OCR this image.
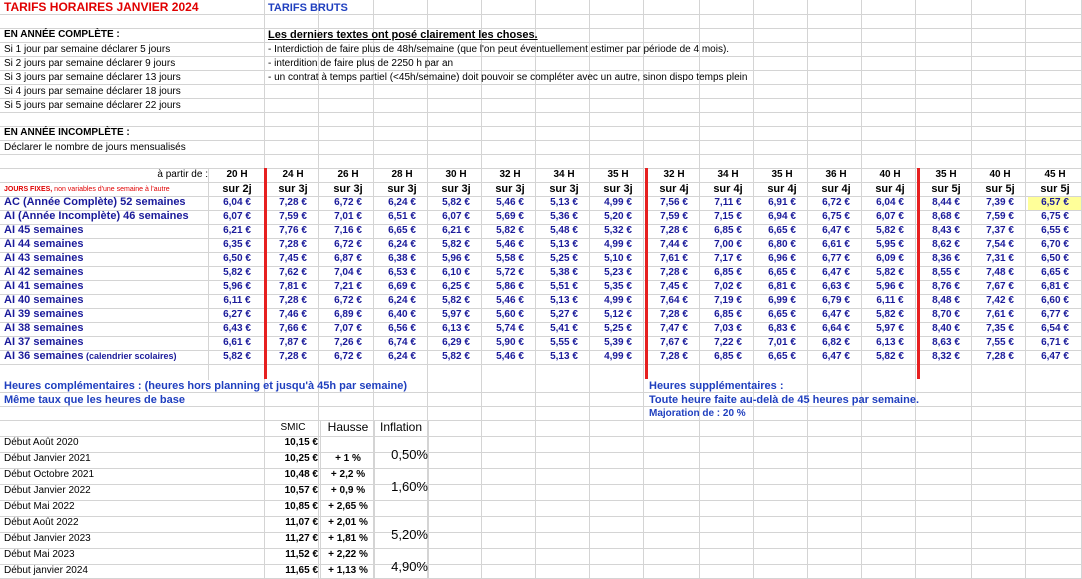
TARIFS HORAIRES JANVIER 2024	TARIFS BRUTS
EN ANNÉE COMPLÈTE :
Si 1 jour par semaine déclarer 5 jours
Si 2 jours par semaine déclarer 9 jours
Si 3 jours par semaine déclarer 13 jours
Si 4 jours par semaine déclarer 18 jours
Si 5 jours par semaine déclarer 22 jours
Les derniers textes ont posé clairement les choses.
- Interdiction de faire plus de 48h/semaine (que l'on peut éventuellement estimer par période de 4 mois).
- interdition de faire plus de 2250 h par an
- un contrat à temps partiel (<45h/semaine) doit pouvoir se compléter avec un autre, sinon dispo temps plein
EN ANNÉE INCOMPLÈTE :
Déclarer le nombre de jours mensualisés
à partir de :
JOURS FIXES, non variables d'une semaine à l'autre
20 H	24 H	26 H	28 H	30 H	32 H	34 H	35 H	32 H	34 H	35 H	36 H	40 H	35 H	40 H	45 H
sur 2j	sur 3j	sur 3j	sur 3j	sur 3j	sur 3j	sur 3j	sur 3j	sur 4j	sur 4j	sur 4j	sur 4j	sur 4j	sur 5j	sur 5j	sur 5j
AC (Année Complète) 52 semaines	6,04 €	7,28 €	6,72 €	6,24 €	5,82 €	5,46 €	5,13 €	4,99 €	7,56 €	7,11 €	6,91 €	6,72 €	6,04 €	8,44 €	7,39 €	6,57 €
AI (Année Incomplète) 46 semaines	6,07 €	7,59 €	7,01 €	6,51 €	6,07 €	5,69 €	5,36 €	5,20 €	7,59 €	7,15 €	6,94 €	6,75 €	6,07 €	8,68 €	7,59 €	6,75 €
AI 45 semaines	6,21 €	7,76 €	7,16 €	6,65 €	6,21 €	5,82 €	5,48 €	5,32 €	7,28 €	6,85 €	6,65 €	6,47 €	5,82 €	8,43 €	7,37 €	6,55 €
AI 44 semaines	6,35 €	7,28 €	6,72 €	6,24 €	5,82 €	5,46 €	5,13 €	4,99 €	7,44 €	7,00 €	6,80 €	6,61 €	5,95 €	8,62 €	7,54 €	6,70 €
AI 43 semaines	6,50 €	7,45 €	6,87 €	6,38 €	5,96 €	5,58 €	5,25 €	5,10 €	7,61 €	7,17 €	6,96 €	6,77 €	6,09 €	8,36 €	7,31 €	6,50 €
AI 42 semaines	5,82 €	7,62 €	7,04 €	6,53 €	6,10 €	5,72 €	5,38 €	5,23 €	7,28 €	6,85 €	6,65 €	6,47 €	5,82 €	8,55 €	7,48 €	6,65 €
AI 41 semaines	5,96 €	7,81 €	7,21 €	6,69 €	6,25 €	5,86 €	5,51 €	5,35 €	7,45 €	7,02 €	6,81 €	6,63 €	5,96 €	8,76 €	7,67 €	6,81 €
AI 40 semaines	6,11 €	7,28 €	6,72 €	6,24 €	5,82 €	5,46 €	5,13 €	4,99 €	7,64 €	7,19 €	6,99 €	6,79 €	6,11 €	8,48 €	7,42 €	6,60 €
AI 39 semaines	6,27 €	7,46 €	6,89 €	6,40 €	5,97 €	5,60 €	5,27 €	5,12 €	7,28 €	6,85 €	6,65 €	6,47 €	5,82 €	8,70 €	7,61 €	6,77 €
AI 38 semaines	6,43 €	7,66 €	7,07 €	6,56 €	6,13 €	5,74 €	5,41 €	5,25 €	7,47 €	7,03 €	6,83 €	6,64 €	5,97 €	8,40 €	7,35 €	6,54 €
AI 37 semaines	6,61 €	7,87 €	7,26 €	6,74 €	6,29 €	5,90 €	5,55 €	5,39 €	7,67 €	7,22 €	7,01 €	6,82 €	6,13 €	8,63 €	7,55 €	6,71 €
AI 36 semaines (calendrier scolaires)	5,82 €	7,28 €	6,72 €	6,24 €	5,82 €	5,46 €	5,13 €	4,99 €	7,28 €	6,85 €	6,65 €	6,47 €	5,82 €	8,32 €	7,28 €	6,47 €
Heures complémentaires : (heures hors planning et jusqu'à 45h par semaine)
Même taux que les heures de base
Heures supplémentaires :
Toute heure faite au-delà de 45 heures par semaine.
Majoration de : 20 %
SMIC	Hausse Inflation
Début Août 2020	10,15 €
Début Janvier 2021	10,25 €	+ 1 %	0,50%
Début Octobre 2021	10,48 €	+ 2,2 %
Début Janvier 2022	10,57 €	+ 0,9 %	1,60%
Début Mai 2022	10,85 €	+ 2,65 %
Début Août 2022	11,07 €	+ 2,01 %
Début Janvier 2023	11,27 €	+ 1,81 %	5,20%
Début Mai 2023	11,52 €	+ 2,22 %
Début janvier 2024	11,65 €	+ 1,13 %	4,90%
